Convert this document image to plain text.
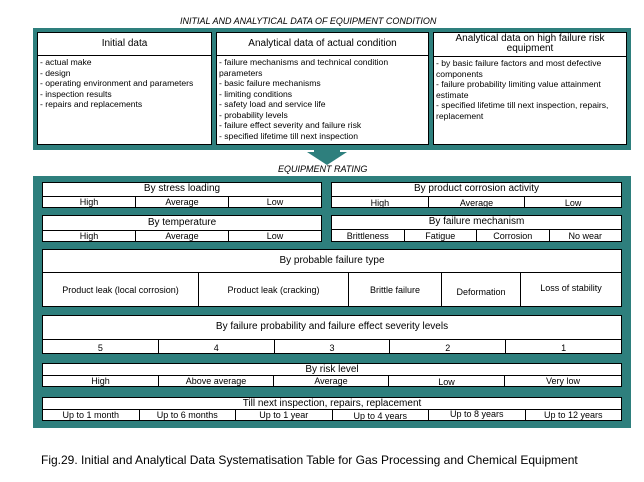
INITIAL AND ANALYTICAL DATA OF EQUIPMENT CONDITION
Initial data
- actual make
- design
- operating environment and parameters
- inspection results
- repairs and replacements
Analytical data of actual condition
- failure mechanisms and technical condition parameters
- basic failure mechanisms
- limiting conditions
- safety load and service life
- probability levels
- failure effect severity and failure risk
- specified lifetime till next inspection
Analytical data on high failure risk equipment
- by basic failure factors and most defective components
- failure probability limiting value attainment estimate
- specified lifetime till next inspection, repairs, replacement
EQUIPMENT RATING
By stress loading
High	Average	Low
By product corrosion activity
High	Average	Low
By temperature
High	Average	Low
By failure mechanism
Brittleness	Fatigue	Corrosion	No wear
By probable failure type
Product leak (local corrosion)	Product leak (cracking)	Brittle failure	Deformation	Loss of stability
By failure probability and failure effect severity levels
5	4	3	2	1
By risk level
High	Above average	Average	Low	Very low
Till next inspection, repairs, replacement
Up to 1 month	Up to 6 months	Up to 1 year	Up to 4 years	Up to 8 years	Up to 12 years
Fig.29. Initial and Analytical Data Systematisation Table for Gas Processing and Chemical Equipment
